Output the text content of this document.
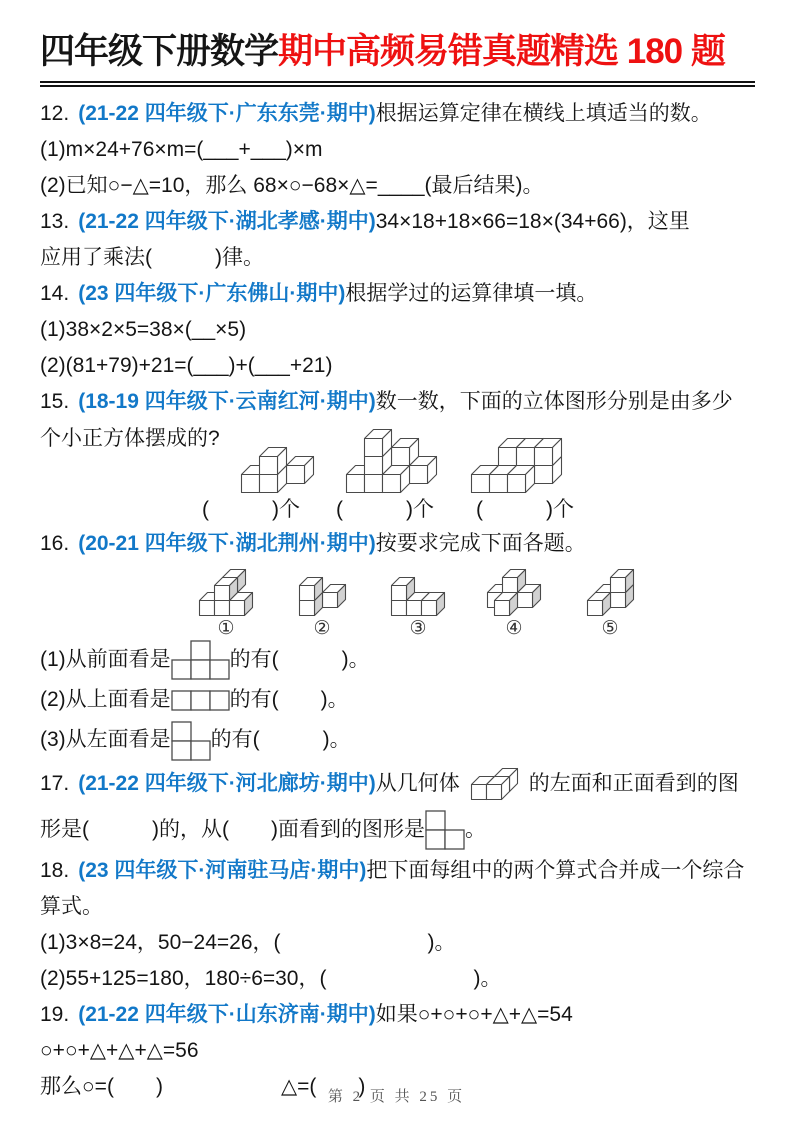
四年级下册数学期中高频易错真题精选 180 题

12. (21-22 四年级下·广东东莞·期中)根据运算定律在横线上填适当的数。

(1)m×24+76×m=(___+___)×m

(2)已知○−△=10，那么 68×○−68×△=____(最后结果)。

13. (21-22 四年级下·湖北孝感·期中)34×18+18×66=18×(34+66)，这里

应用了乘法(　　　)律。

14. (23 四年级下·广东佛山·期中)根据学过的运算律填一填。

(1)38×2×5=38×(__×5)

(2)(81+79)+21=(___)+(___+21)

15. (18-19 四年级下·云南红河·期中)数一数，下面的立体图形分别是由多少

个小正方体摆成的?
(　　　)个 (　　　)个 (　　　)个

16. (20-21 四年级下·湖北荆州·期中)按要求完成下面各题。

①	②	③	④	⑤

(1)从前面看是	的有(　　　)。

(2)从上面看是	的有(　　)。

(3)从左面看是 的有(　　　)。

17. (21-22 四年级下·河北廊坊·期中)从几何体	的左面和正面看到的图

形是(　　　)的，从(　　)面看到的图形是 。

18. (23 四年级下·河南驻马店·期中)把下面每组中的两个算式合并成一个综合

算式。

(1)3×8=24，50−24=26，(　　　　　　　)。

(2)55+125=180，180÷6=30，(　　　　　　　)。

19. (21-22 四年级下·山东济南·期中)如果○+○+○+△+△=54

○+○+△+△+△=56

那么○=(　　)	△=(　　)

第 2 页 共 25 页
